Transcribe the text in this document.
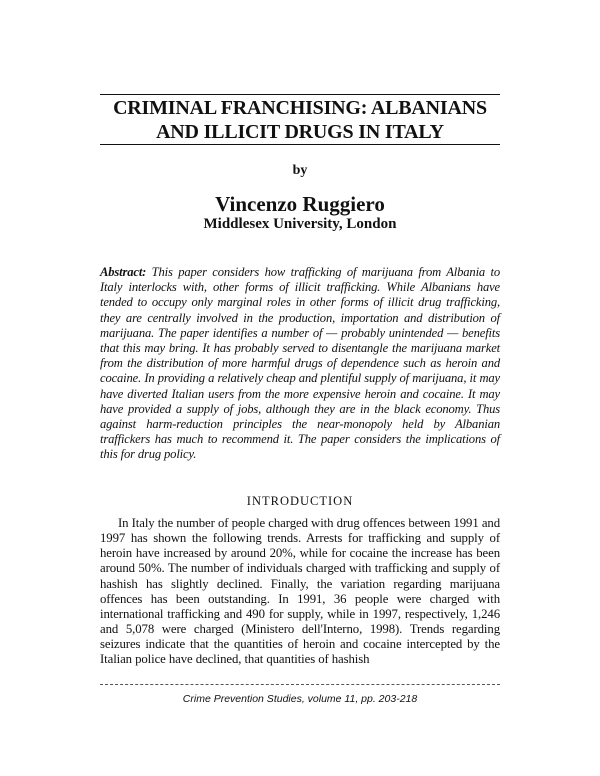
CRIMINAL FRANCHISING: ALBANIANS AND ILLICIT DRUGS IN ITALY
by
Vincenzo Ruggiero
Middlesex University, London
Abstract: This paper considers how trafficking of marijuana from Albania to Italy interlocks with, other forms of illicit trafficking. While Albanians have tended to occupy only marginal roles in other forms of illicit drug trafficking, they are centrally involved in the production, importation and distribution of marijuana. The paper identifies a number of — probably unintended — benefits that this may bring. It has probably served to disentangle the marijuana market from the distribution of more harmful drugs of dependence such as heroin and cocaine. In providing a relatively cheap and plentiful supply of marijuana, it may have diverted Italian users from the more expensive heroin and cocaine. It may have provided a supply of jobs, although they are in the black economy. Thus against harm-reduction principles the near-monopoly held by Albanian traffickers has much to recommend it. The paper considers the implications of this for drug policy.
INTRODUCTION
In Italy the number of people charged with drug offences between 1991 and 1997 has shown the following trends. Arrests for trafficking and supply of heroin have increased by around 20%, while for cocaine the increase has been around 50%. The number of individuals charged with trafficking and supply of hashish has slightly declined. Finally, the variation regarding marijuana offences has been outstanding. In 1991, 36 people were charged with international trafficking and 490 for supply, while in 1997, respectively, 1,246 and 5,078 were charged (Ministero dell'Interno, 1998). Trends regarding seizures indicate that the quantities of heroin and cocaine intercepted by the Italian police have declined, that quantities of hashish
Crime Prevention Studies, volume 11, pp. 203-218
